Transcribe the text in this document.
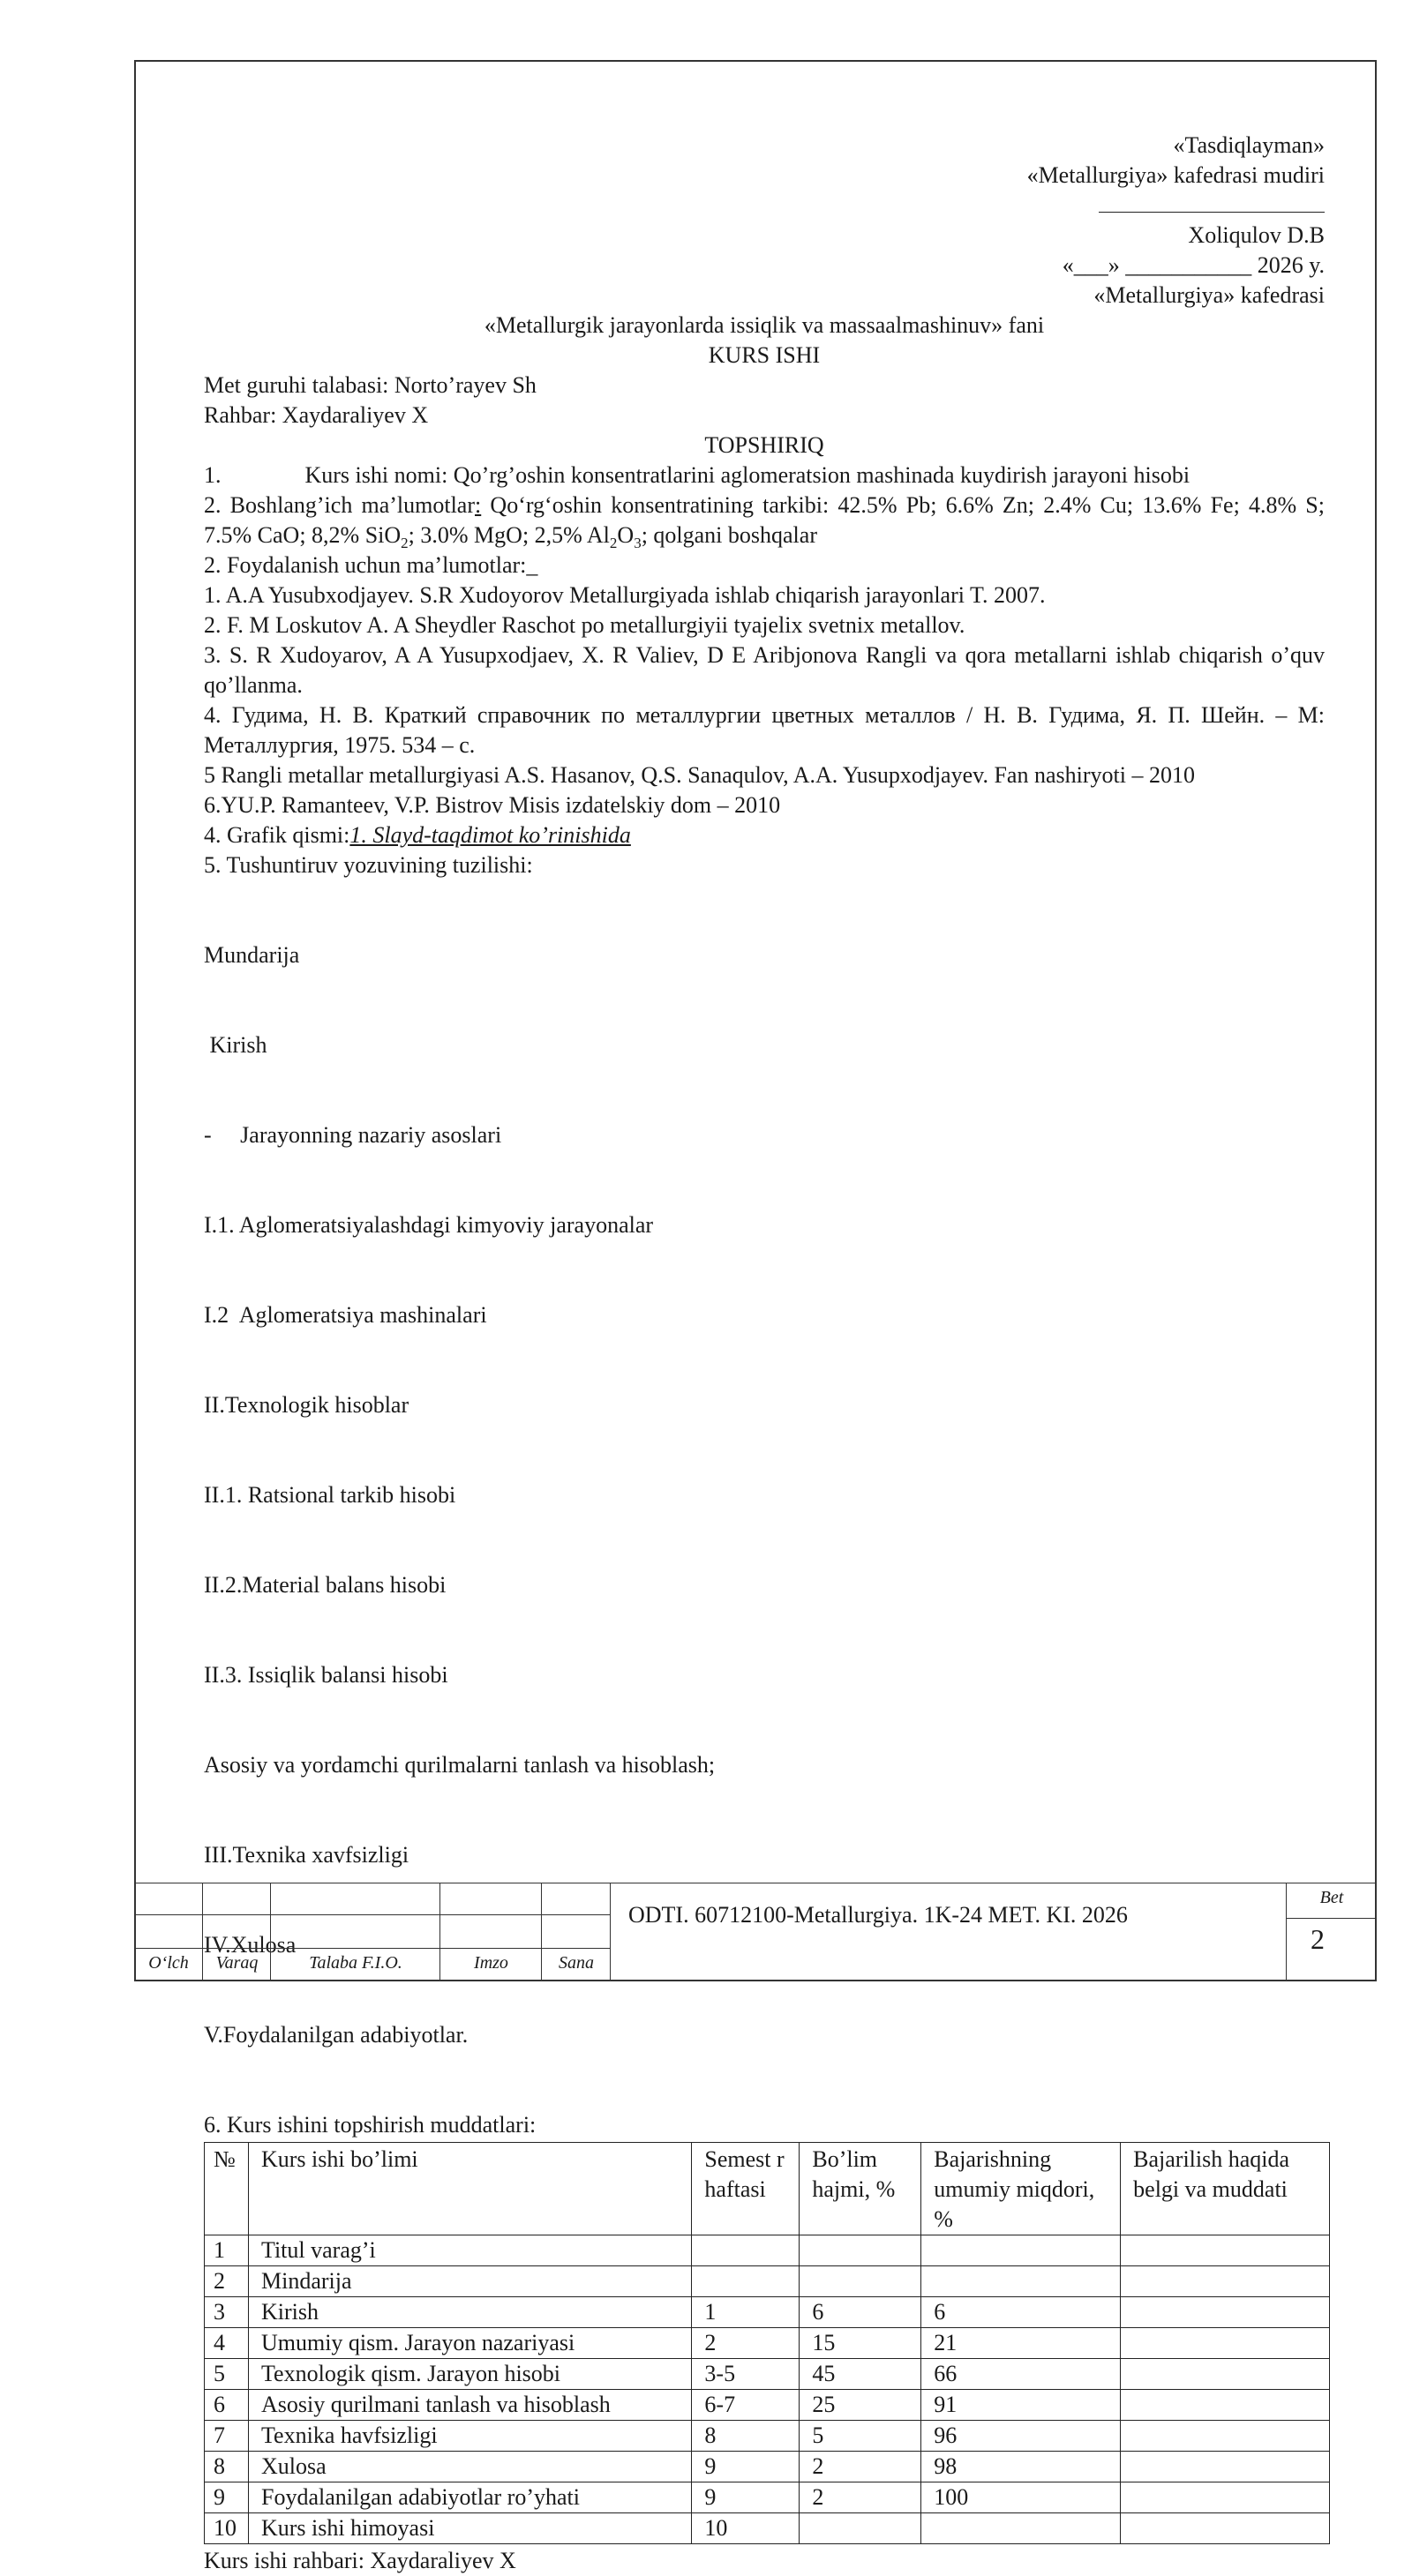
«Tasdiqlayman»

«Metallurgiya» kafedrasi mudiri

Xoliqulov D.B

«___» ___________ 2026 y.

«Metallurgiya» kafedrasi

«Metallurgik jarayonlarda issiqlik va massaalmashinuv» fani

KURS ISHI

Met guruhi talabasi: Norto’rayev Sh

Rahbar: Xaydaraliyev X

TOPSHIRIQ

1.	Kurs ishi nomi: Qo’rg’oshin konsentratlarini aglomeratsion mashinada kuydirish jarayoni hisobi

2. Boshlang’ich ma’lumotlar: Qo‘rg‘oshin konsentratining tarkibi: 42.5% Pb; 6.6% Zn; 2.4% Cu; 13.6% Fe; 4.8% S; 7.5% CaO; 8,2% SiO$_2$; 3.0% MgO; 2,5% $Al_2O_3$; qolgani boshqalar

2. Foydalanish uchun ma’lumotlar:_

1. A.A Yusubxodjayev. S.R Xudoyorov Metallurgiyada ishlab chiqarish jarayonlari T. 2007.

2. F. M Loskutov A. A Sheydler Raschot po metallurgiyii tyajelix svetnix metallov.

3. S. R Xudoyarov, A A Yusupxodjaev, X. R Valiev, D E Aribjonova Rangli va qora metallarni ishlab chiqarish o’quv qo’llanma.

4. Гудима, Н. В. Краткий справочник по металлургии цветных металлов / Н. В. Гудима, Я. П. Шейн. – М: Металлургия, 1975. 534 – с.

5 Rangli metallar metallurgiyasi A.S. Hasanov, Q.S. Sanaqulov, A.A. Yusupxodjayev. Fan nashiryoti – 2010

6.YU.P. Ramanteev, V.P. Bistrov Misis izdatelskiy dom – 2010

4. Grafik qismi:1. Slayd-taqdimot ko’rinishida

5. Tushuntiruv yozuvining tuzilishi:

Mundarija

Kirish

-     Jarayonning nazariy asoslari

I.1. Aglomeratsiyalashdagi kimyoviy jarayonalar

I.2  Aglomeratsiya mashinalari

II.Texnologik hisoblar

II.1. Ratsional tarkib hisobi

II.2.Material balans hisobi

II.3. Issiqlik balansi hisobi

Asosiy va yordamchi qurilmalarni tanlash va hisoblash;

III.Texnika xavfsizligi

IV.Xulosa

V.Foydalanilgan adabiyotlar.

6. Kurs ishini topshirish muddatlari:

№	Kurs ishi bo’limi	Semest r haftasi	Bo’lim hajmi, %	Bajarishning umumiy miqdori, %	Bajarilish haqida belgi va muddati
1	Titul varag’i				
2	Mindarija				
3	Kirish	1	6	6	
4	Umumiy qism. Jarayon nazariyasi	2	15	21	
5	Texnologik qism. Jarayon hisobi	3-5	45	66	
6	Asosiy qurilmani tanlash va hisoblash	6-7	25	91	
7	Texnika havfsizligi	8	5	96	
8	Xulosa	9	2	98	
9	Foydalanilgan adabiyotlar ro’yhati	9	2	100	
10	Kurs ishi himoyasi	10			

Kurs ishi rahbari: Xaydaraliyev X

O‘lch	Varaq	Talaba F.I.O.	Imzo	Sana
ODTI. 60712100-Metallurgiya. 1K-24 MET. KI. 2026
Bet
2
